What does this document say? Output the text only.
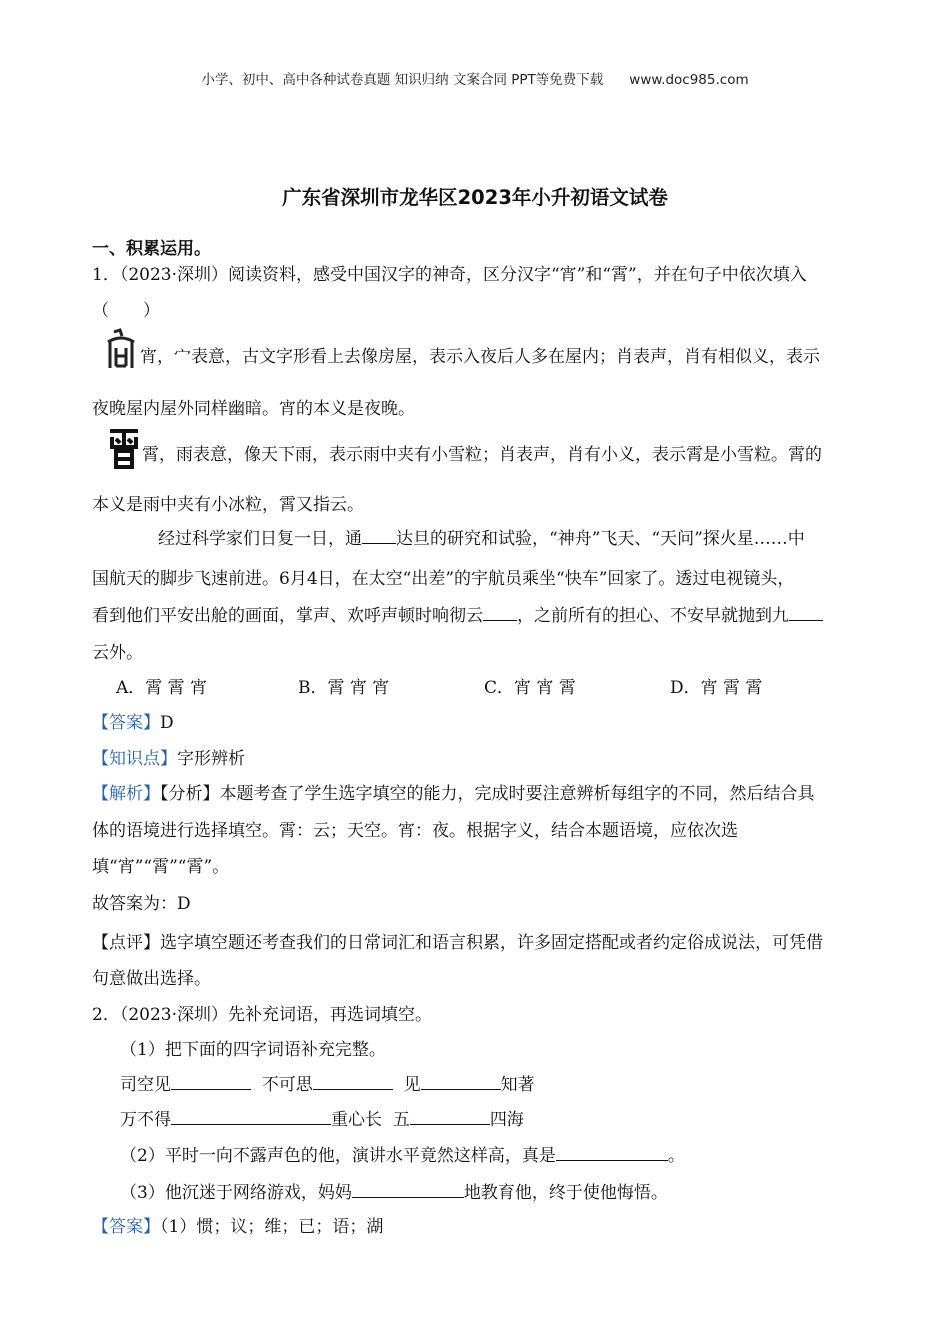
小学、初中、高中各种试卷真题 知识归纳 文案合同 PPT等免费下载 www.doc985.com
广东省深圳市龙华区2023年小升初语文试卷
一、积累运用。
1．（2023·深圳）阅读资料，感受中国汉字的神奇，区分汉字“宵”和“霄”，并在句子中依次填入
（　　）
宵，宀表意，古文字形看上去像房屋，表示入夜后人多在屋内；肖表声，肖有相似义，表示
夜晚屋内屋外同样幽暗。宵的本义是夜晚。
霄，雨表意，像天下雨，表示雨中夹有小雪粒；肖表声，肖有小义，表示霄是小雪粒。霄的
本义是雨中夹有小冰粒，霄又指云。
经过科学家们日复一日，通 达旦的研究和试验，“神舟”飞天、“天问”探火星……中
国航天的脚步飞速前进。6月4日，在太空“出差”的宇航员乘坐“快车”回家了。透过电视镜头，
看到他们平安出舱的画面，掌声、欢呼声顿时响彻云 ，之前所有的担心、不安早就抛到九
云外。
A．霄 霄 宵	B．霄 宵 宵	C．宵 宵 霄	D．宵 霄 霄
【答案】D
【知识点】字形辨析
【解析】【分析】本题考查了学生选字填空的能力，完成时要注意辨析每组字的不同，然后结合具
体的语境进行选择填空。霄：云；天空。宵：夜。根据字义，结合本题语境，应依次选
填“宵”“霄”“霄”。
故答案为：D
【点评】选字填空题还考查我们的日常词汇和语言积累，许多固定搭配或者约定俗成说法，可凭借
句意做出选择。
2．（2023·深圳）先补充词语，再选词填空。
（1）把下面的四字词语补充完整。
司空见	不可思	见	知著
万不得	重心长 五	四海
（2）平时一向不露声色的他，演讲水平竟然这样高，真是	。
（3）他沉迷于网络游戏，妈妈	地教育他，终于使他悔悟。
【答案】（1）惯；议；维；已；语；湖
